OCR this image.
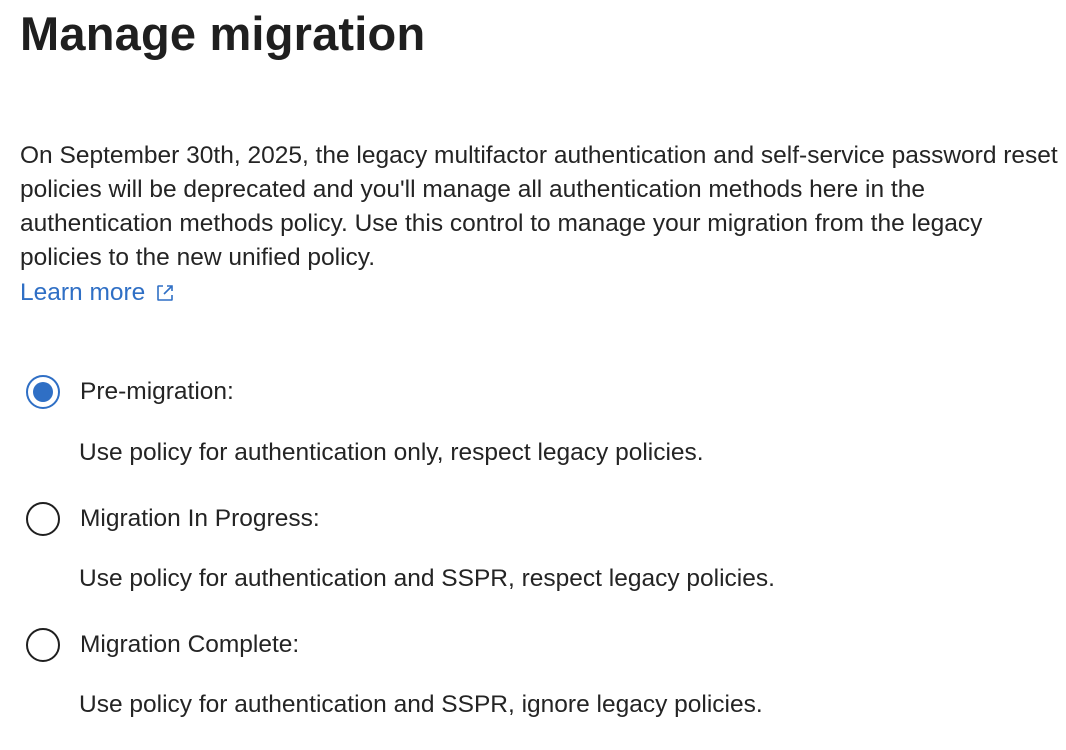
Manage migration

On September 30th, 2025, the legacy multifactor authentication and self-service password reset policies will be deprecated and you'll manage all authentication methods here in the authentication methods policy. Use this control to manage your migration from the legacy policies to the new unified policy.

Learn more
Pre-migration:

Use policy for authentication only, respect legacy policies.

Migration In Progress:

Use policy for authentication and SSPR, respect legacy policies.

Migration Complete:

Use policy for authentication and SSPR, ignore legacy policies.
